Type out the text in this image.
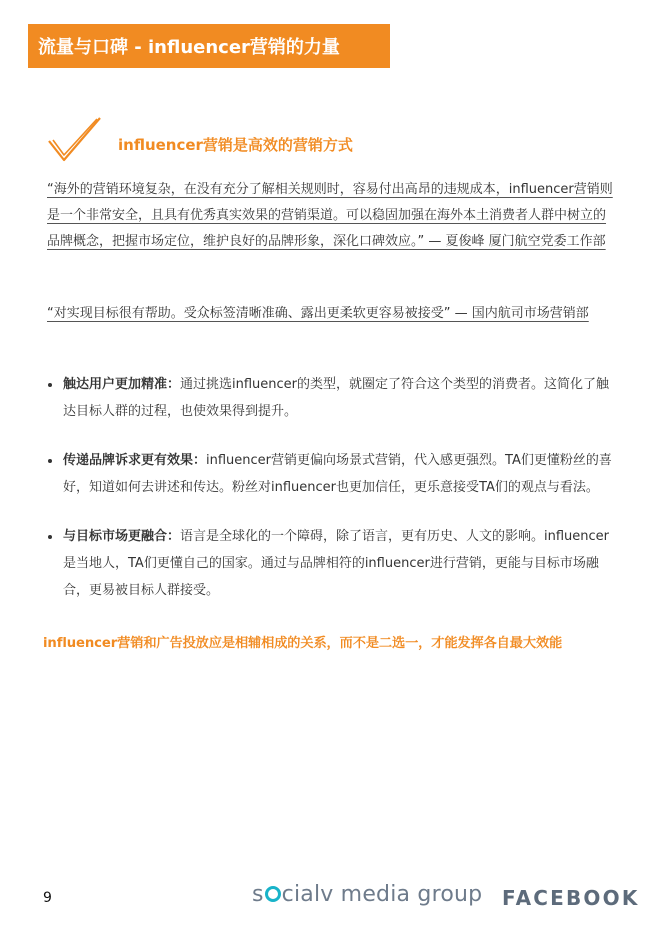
流量与口碑 - influencer营销的力量
influencer营销是高效的营销方式
“海外的营销环境复杂，在没有充分了解相关规则时，容易付出高昂的违规成本，influencer营销则是一个非常安全，且具有优秀真实效果的营销渠道。可以稳固加强在海外本土消费者人群中树立的品牌概念，把握市场定位，维护良好的品牌形象，深化口碑效应。” — 夏俊峰 厦门航空党委工作部
“对实现目标很有帮助。受众标签清晰准确、露出更柔软更容易被接受” — 国内航司市场营销部
触达用户更加精准：通过挑选influencer的类型，就圈定了符合这个类型的消费者。这简化了触达目标人群的过程，也使效果得到提升。
传递品牌诉求更有效果：influencer营销更偏向场景式营销，代入感更强烈。TA们更懂粉丝的喜好，知道如何去讲述和传达。粉丝对influencer也更加信任，更乐意接受TA们的观点与看法。
与目标市场更融合：语言是全球化的一个障碍，除了语言，更有历史、人文的影响。influencer是当地人，TA们更懂自己的国家。通过与品牌相符的influencer进行营销，更能与目标市场融合，更易被目标人群接受。
influencer营销和广告投放应是相辅相成的关系，而不是二选一，才能发挥各自最大效能
9	s cialv media group FACEBOOK
